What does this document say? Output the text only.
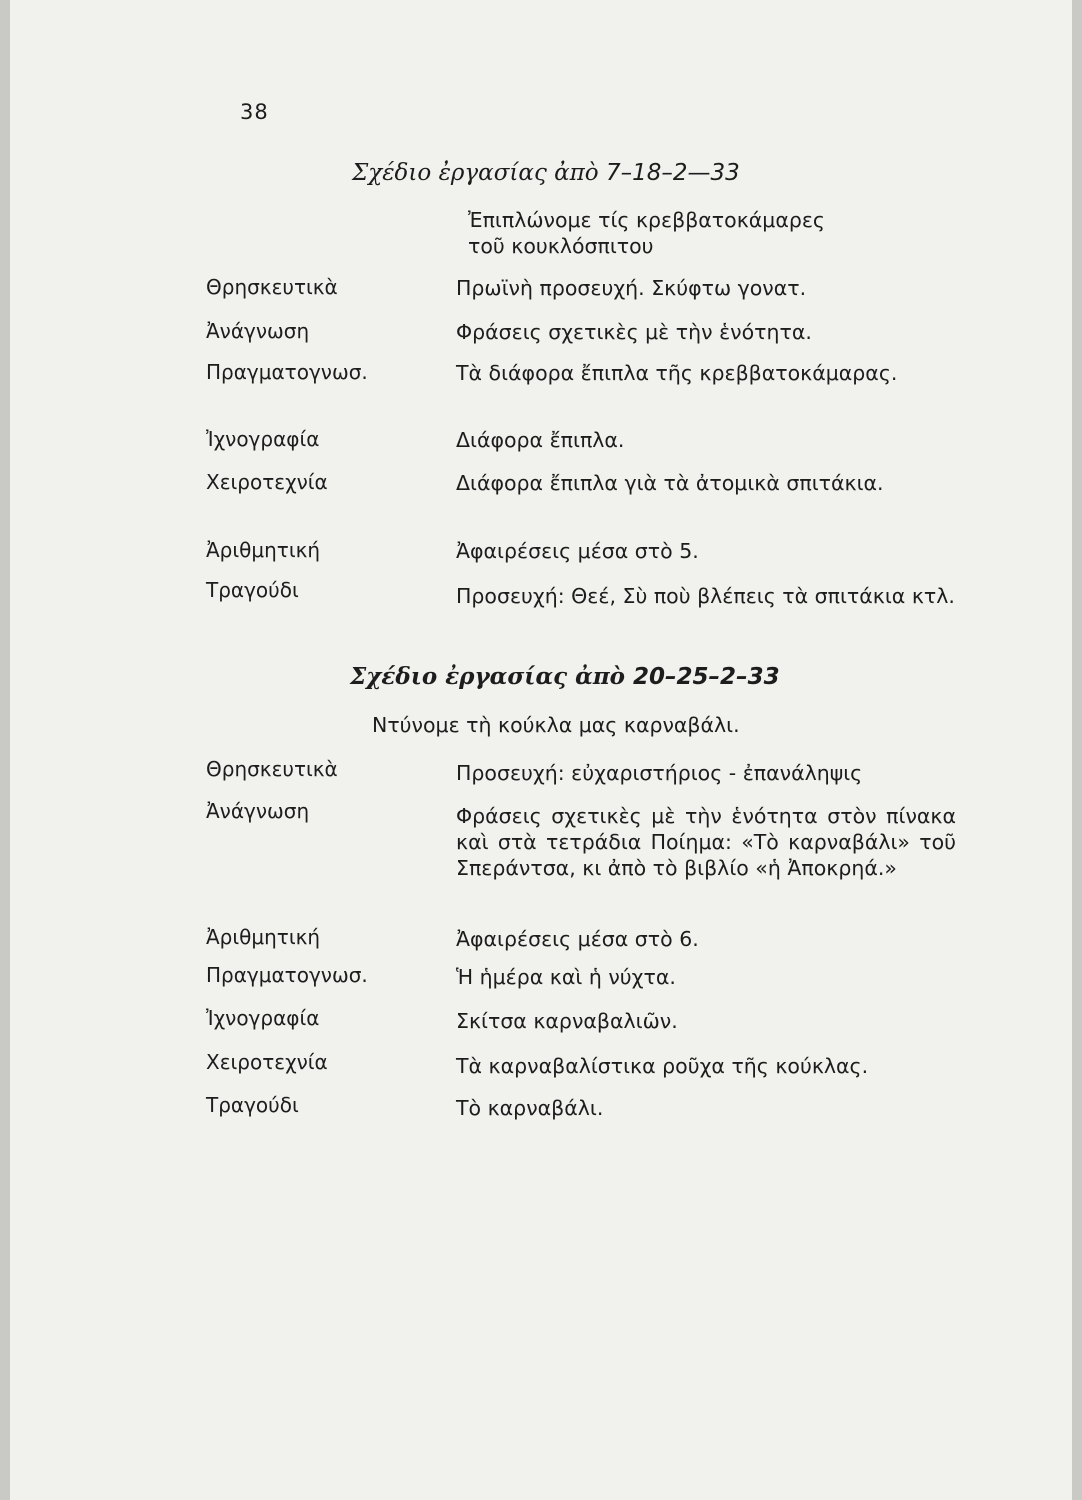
38
Σχέδιο ἐργασίας ἀπὸ 7–18–2—33
Ἐπιπλώνομε τίς κρεββατοκάμαρες
τοῦ κουκλόσπιτου
Θρησκευτικὰ	Πρωϊνὴ προσευχή. Σκύφτω γονατ.
Ἀνάγνωση	Φράσεις σχετικὲς μὲ τὴν ἑνότητα.
Πραγματογνωσ.	Τὰ διάφορα ἔπιπλα τῆς κρεββατοκάμαρας.
Ἰχνογραφία	Διάφορα ἔπιπλα.
Χειροτεχνία	Διάφορα ἔπιπλα γιὰ τὰ ἀτομικὰ σπιτάκια.
Ἀριθμητική	Ἀφαιρέσεις μέσα στὸ 5.
Τραγούδι	Προσευχή: Θεέ, Σὺ ποὺ βλέπεις τὰ σπιτάκια κτλ.
Σχέδιο ἐργασίας ἀπὸ 20–25–2–33
Ντύνομε τὴ κούκλα μας καρναβάλι.
Θρησκευτικὰ	Προσευχή: εὐχαριστήριος - ἐπανάληψις
Ἀνάγνωση	Φράσεις σχετικὲς μὲ τὴν ἑνότητα στὸν πίνακα καὶ στὰ τετράδια Ποίημα: «Τὸ καρναβάλι» τοῦ Σπεράντσα, κι ἀπὸ τὸ βιβλίο «ἡ Ἀποκρηά.»
Ἀριθμητική	Ἀφαιρέσεις μέσα στὸ 6.
Πραγματογνωσ.	Ἡ ἡμέρα καὶ ἡ νύχτα.
Ἰχνογραφία	Σκίτσα καρναβαλιῶν.
Χειροτεχνία	Τὰ καρναβαλίστικα ροῦχα τῆς κούκλας.
Τραγούδι	Τὸ καρναβάλι.
